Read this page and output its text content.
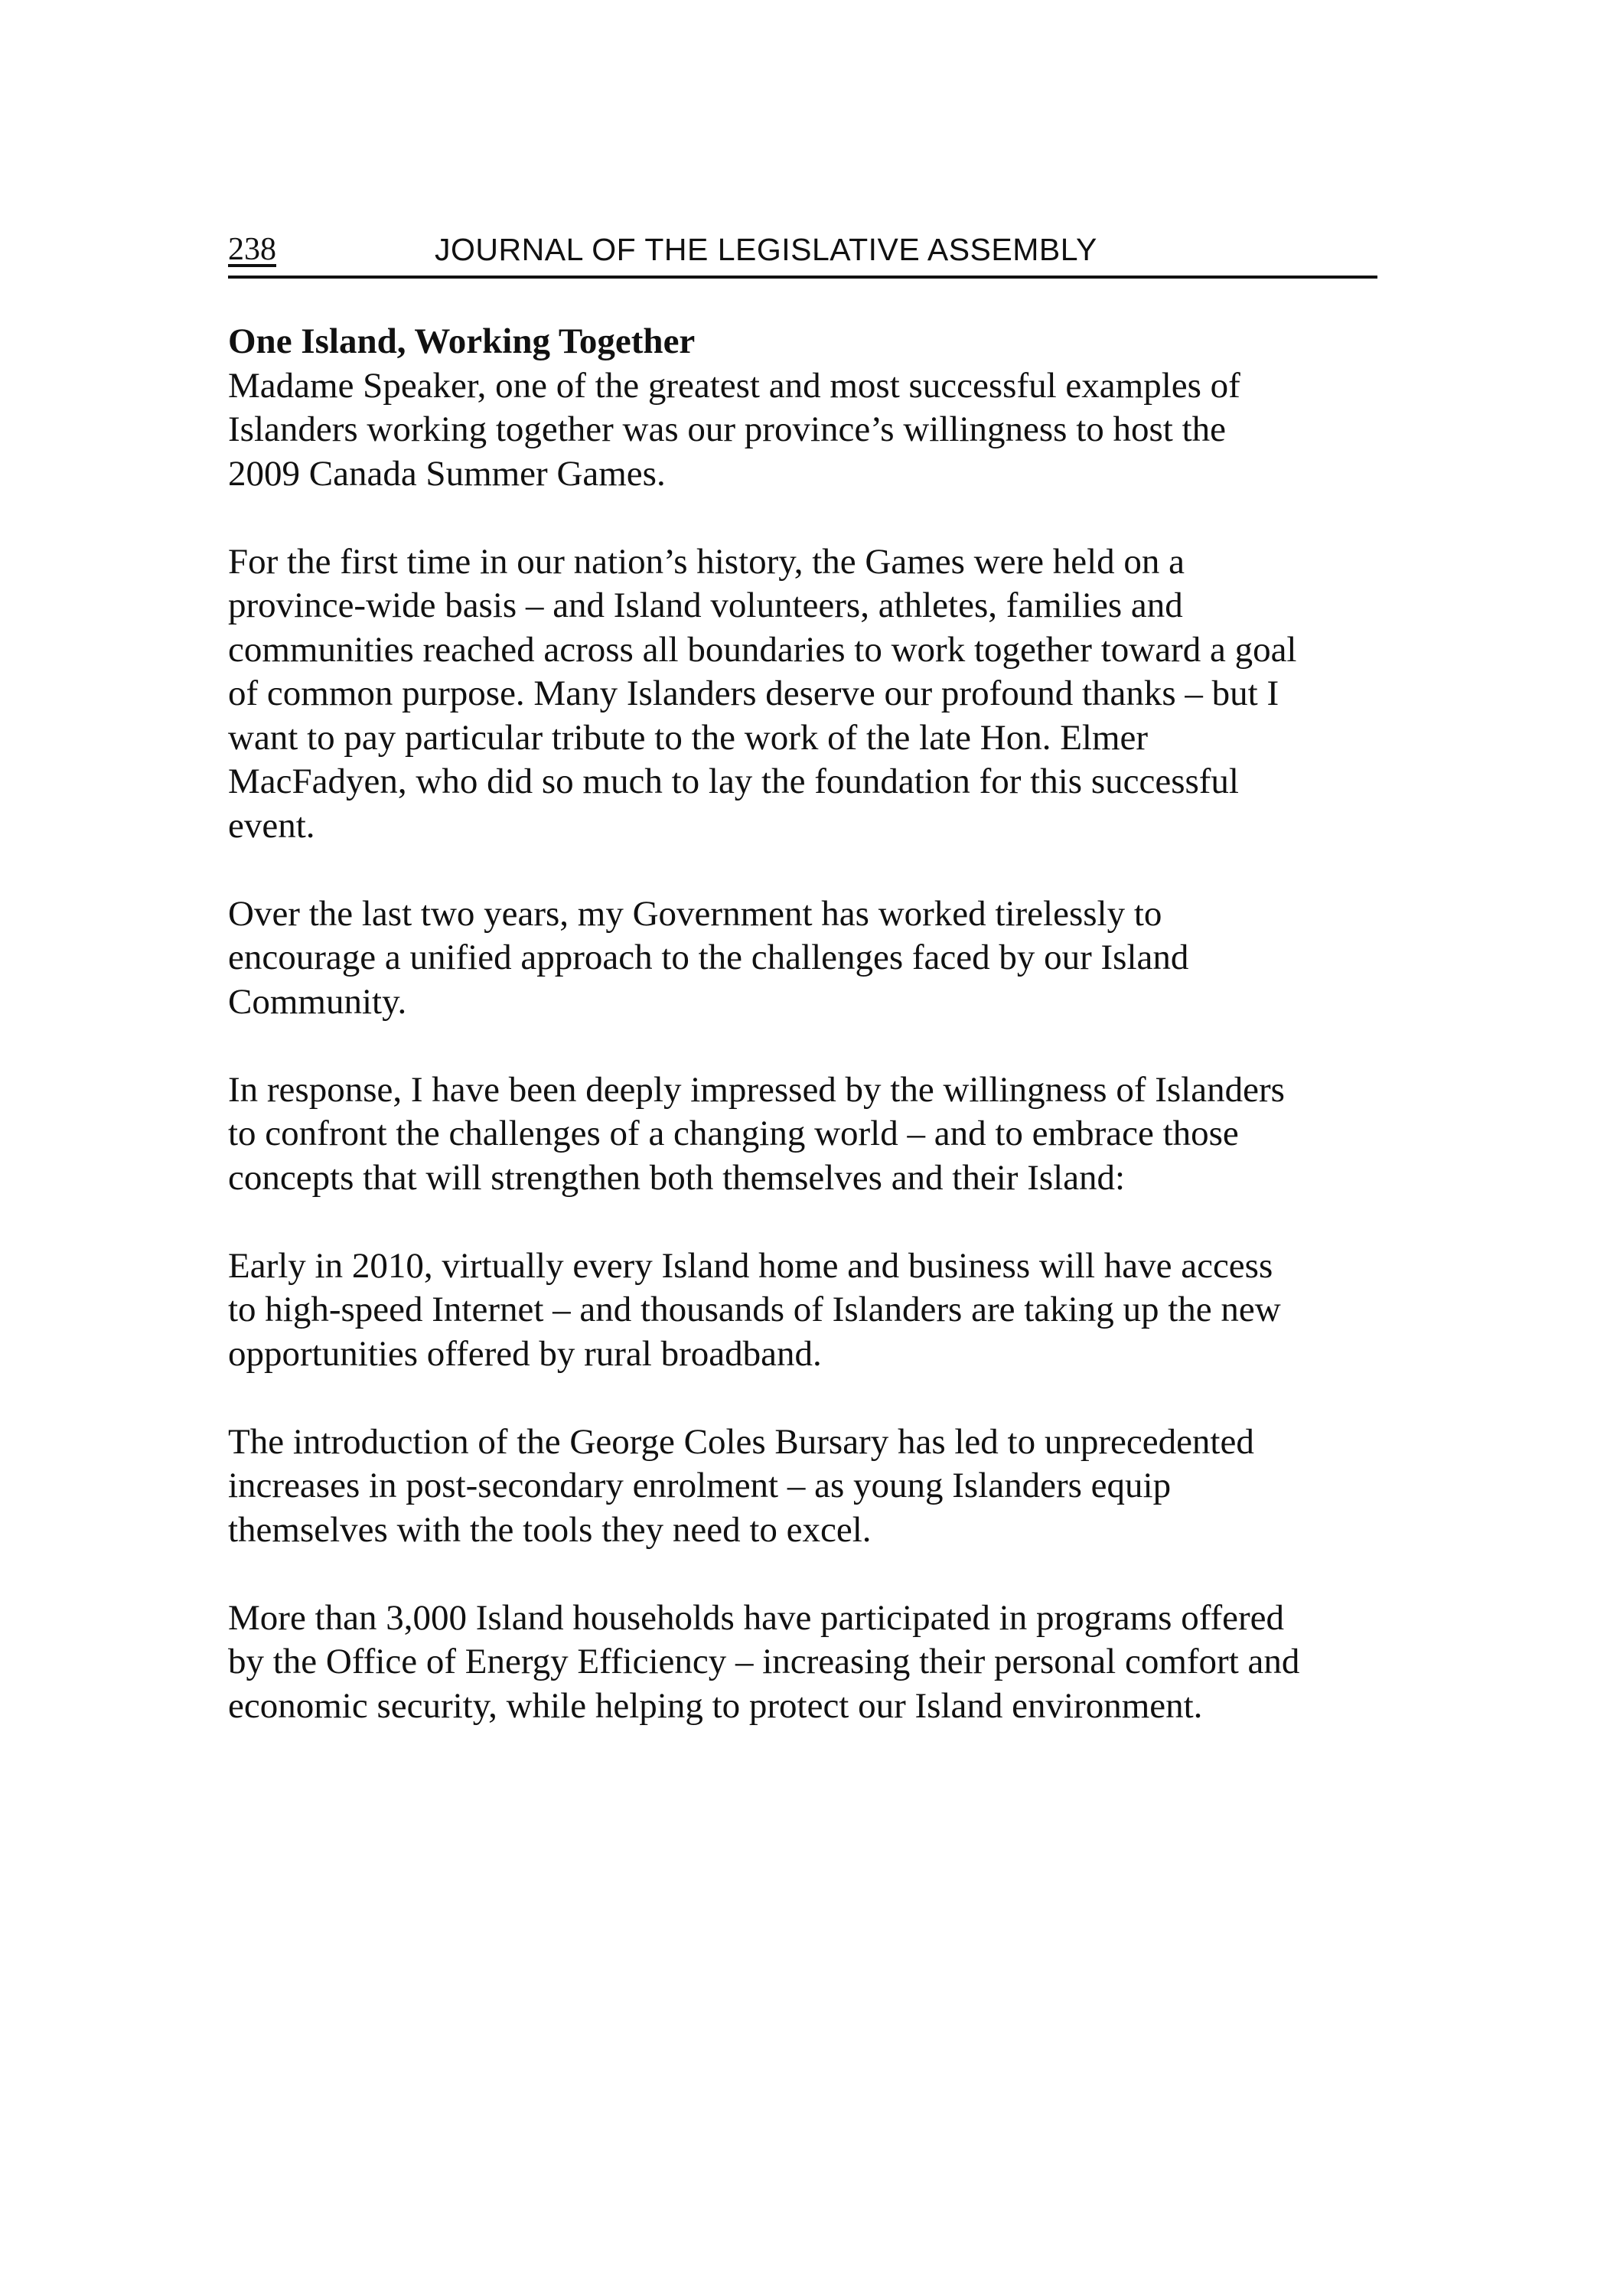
238	JOURNAL OF THE LEGISLATIVE ASSEMBLY
One Island, Working Together
Madame Speaker, one of the greatest and most successful examples of
Islanders working together was our province’s willingness to host the
2009 Canada Summer Games.
For the first time in our nation’s history, the Games were held on a
province-wide basis – and Island volunteers, athletes, families and
communities reached across all boundaries to work together toward a goal
of common purpose. Many Islanders deserve our profound thanks – but I
want to pay particular tribute to the work of the late Hon. Elmer
MacFadyen, who did so much to lay the foundation for this successful
event.
Over the last two years, my Government has worked tirelessly to
encourage a unified approach to the challenges faced by our Island
Community.
In response, I have been deeply impressed by the willingness of Islanders
to confront the challenges of a changing world – and to embrace those
concepts that will strengthen both themselves and their Island:
Early in 2010, virtually every Island home and business will have access
to high-speed Internet – and thousands of Islanders are taking up the new
opportunities offered by rural broadband.
The introduction of the George Coles Bursary has led to unprecedented
increases in post-secondary enrolment – as young Islanders equip
themselves with the tools they need to excel.
More than 3,000 Island households have participated in programs offered
by the Office of Energy Efficiency – increasing their personal comfort and
economic security, while helping to protect our Island environment.
